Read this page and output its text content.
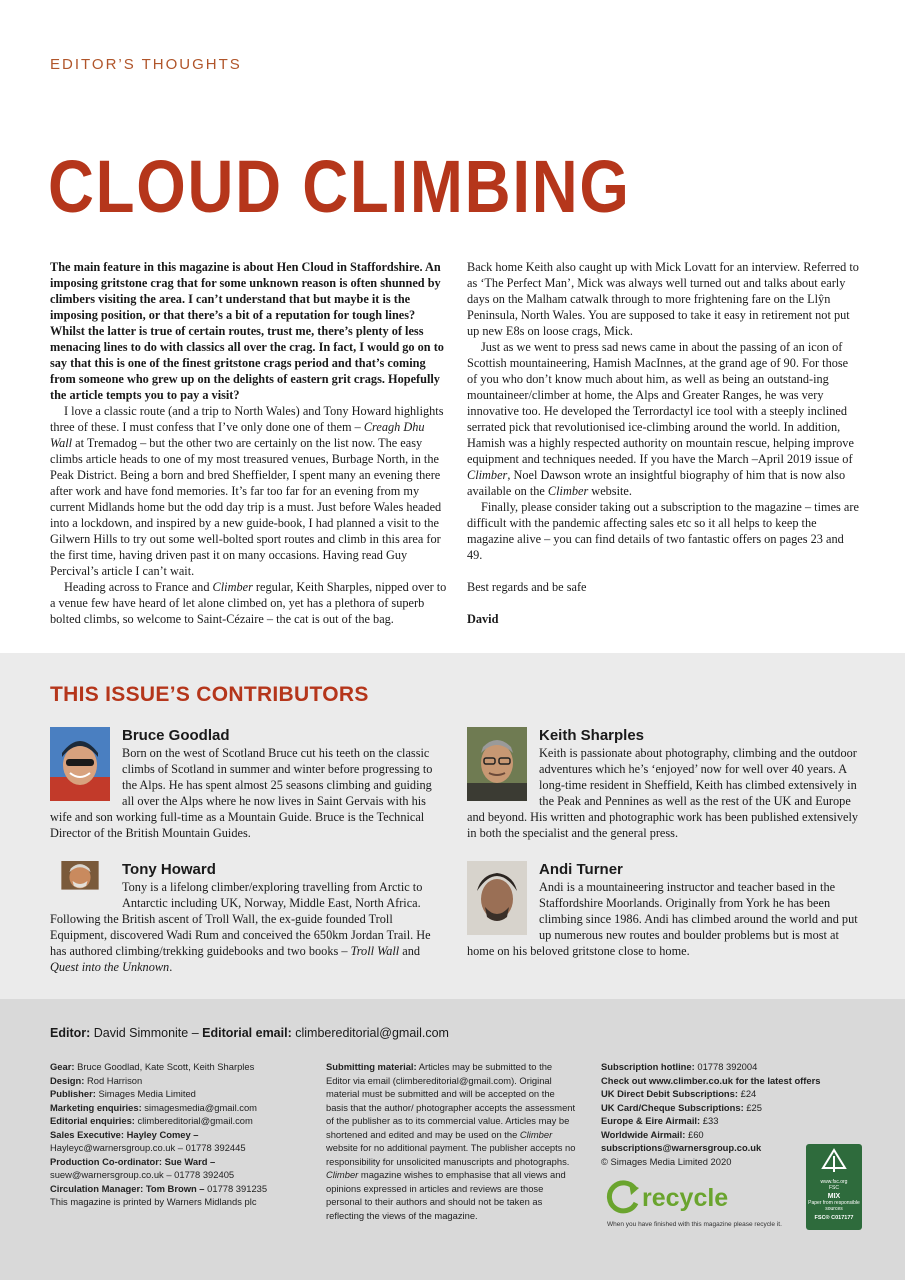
EDITOR’S THOUGHTS
CLOUD CLIMBING

The main feature in this magazine is about Hen Cloud in Staffordshire. An imposing gritstone crag that for some unknown reason is often shunned by climbers visiting the area. I can’t understand that but maybe it is the imposing position, or that there’s a bit of a reputation for tough lines? Whilst the latter is true of certain routes, trust me, there’s plenty of less menacing lines to do with classics all over the crag. In fact, I would go on to say that this is one of the finest gritstone crags period and that’s coming from someone who grew up on the delights of eastern grit crags. Hopefully the article tempts you to pay a visit?

I love a classic route (and a trip to North Wales) and Tony Howard highlights three of these. I must confess that I’ve only done one of them – Creagh Dhu Wall at Tremadog – but the other two are certainly on the list now. The easy climbs article heads to one of my most treasured venues, Burbage North, in the Peak District. Being a born and bred Sheffielder, I spent many an evening there after work and have fond memories. It’s far too far for an evening from my current Midlands home but the odd day trip is a must. Just before Wales headed into a lockdown, and inspired by a new guide-book, I had planned a visit to the Gilwern Hills to try out some well-bolted sport routes and climb in this area for the first time, having driven past it on many occasions. Having read Guy Percival’s article I can’t wait.

Heading across to France and Climber regular, Keith Sharples, nipped over to a venue few have heard of let alone climbed on, yet has a plethora of superb bolted climbs, so welcome to Saint-Cézaire – the cat is out of the bag.

Back home Keith also caught up with Mick Lovatt for an interview. Referred to as ‘The Perfect Man’, Mick was always well turned out and talks about early days on the Malham catwalk through to more frightening fare on the Llŷn Peninsula, North Wales. You are supposed to take it easy in retirement not put up new E8s on loose crags, Mick.

Just as we went to press sad news came in about the passing of an icon of Scottish mountaineering, Hamish MacInnes, at the grand age of 90. For those of you who don’t know much about him, as well as being an outstand-ing mountaineer/climber at home, the Alps and Greater Ranges, he was very innovative too. He developed the Terrordactyl ice tool with a steeply inclined serrated pick that revolutionised ice-climbing around the world. In addition, Hamish was a highly respected authority on mountain rescue, helping improve equipment and techniques needed. If you have the March –April 2019 issue of Climber, Noel Dawson wrote an insightful biography of him that is now also available on the Climber website.

Finally, please consider taking out a subscription to the magazine – times are difficult with the pandemic affecting sales etc so it all helps to keep the magazine alive – you can find details of two fantastic offers on pages 23 and 49.

Best regards and be safe

David

THIS ISSUE’S CONTRIBUTORS

Bruce Goodlad

Born on the west of Scotland Bruce cut his teeth on the classic climbs of Scotland in summer and winter before progressing to the Alps. He has spent almost 25 seasons climbing and guiding all over the Alps where he now lives in Saint Gervais with his wife and son working full-time as a Mountain Guide. Bruce is the Technical Director of the British Mountain Guides.

Keith Sharples

Keith is passionate about photography, climbing and the outdoor adventures which he’s ‘enjoyed’ now for well over 40 years. A long-time resident in Sheffield, Keith has climbed extensively in the Peak and Pennines as well as the rest of the UK and Europe and beyond. His written and photographic work has been published extensively in both the specialist and the general press.

Tony Howard

Tony is a lifelong climber/exploring travelling from Arctic to Antarctic including UK, Norway, Middle East, North Africa. Following the British ascent of Troll Wall, the ex-guide founded Troll Equipment, discovered Wadi Rum and conceived the 650km Jordan Trail. He has authored climbing/trekking guidebooks and two books – Troll Wall and Quest into the Unknown.

Andi Turner

Andi is a mountaineering instructor and teacher based in the Staffordshire Moorlands. Originally from York he has been climbing since 1986. Andi has climbed around the world and put up numerous new routes and boulder problems but is most at home on his beloved gritstone close to home.

Editor: David Simmonite – Editorial email: climbereditorial@gmail.com
Gear: Bruce Goodlad, Kate Scott, Keith Sharples
Design: Rod Harrison
Publisher: Simages Media Limited
Marketing enquiries: simagesmedia@gmail.com
Editorial enquiries: climbereditorial@gmail.com
Sales Executive: Hayley Comey –
Hayleyc@warnersgroup.co.uk – 01778 392445
Production Co-ordinator: Sue Ward –
suew@warnersgroup.co.uk – 01778 392405
Circulation Manager: Tom Brown – 01778 391235
This magazine is printed by Warners Midlands plc
Submitting material: Articles may be submitted to the Editor via email (climbereditorial@gmail.com). Original material must be submitted and will be accepted on the basis that the author/ photographer accepts the assessment of the publisher as to its commercial value. Articles may be shortened and edited and may be used on the Climber website for no additional payment. The publisher accepts no responsibility for unsolicited manuscripts and photographs. Climber magazine wishes to emphasise that all views and opinions expressed in articles and reviews are those personal to their authors and should not be taken as reflecting the views of the magazine.
Subscription hotline: 01778 392004
Check out www.climber.co.uk for the latest offers
UK Direct Debit Subscriptions: £24
UK Card/Cheque Subscriptions: £25
Europe & Eire Airmail: £33
Worldwide Airmail: £60
subscriptions@warnersgroup.co.uk
© Simages Media Limited 2020
recycle
When you have finished with this magazine please recycle it.
www.fsc.org
FSC
MIX
Paper from responsible sources
FSC® C017177
